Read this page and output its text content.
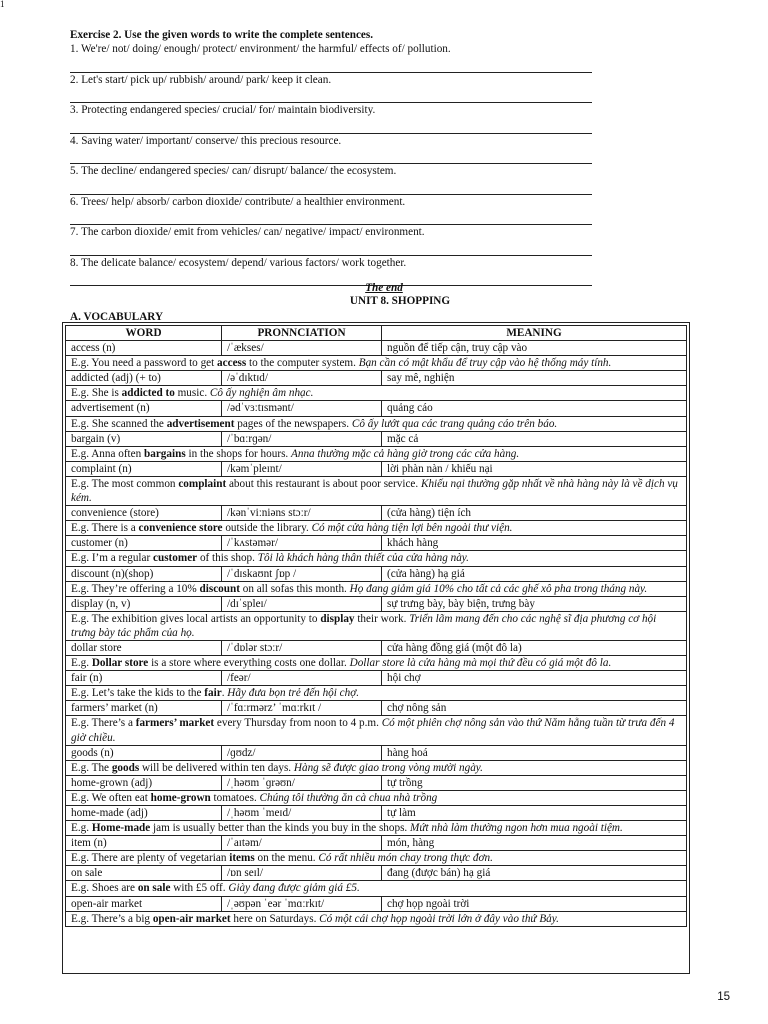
1
Exercise 2. Use the given words to write the complete sentences.
1. We're/ not/ doing/ enough/ protect/ environment/ the harmful/ effects of/ pollution.
2. Let's start/ pick up/ rubbish/ around/ park/ keep it clean.
3. Protecting endangered species/ crucial/ for/ maintain biodiversity.
4. Saving water/ important/ conserve/ this precious resource.
5. The decline/ endangered species/ can/ disrupt/ balance/ the ecosystem.
6. Trees/ help/ absorb/ carbon dioxide/ contribute/ a healthier environment.
7. The carbon dioxide/ emit from vehicles/ can/ negative/ impact/ environment.
8. The delicate balance/ ecosystem/ depend/ various factors/ work together.
The end
UNIT 8. SHOPPING
A. VOCABULARY
WORD	PRONNCIATION	MEANING
access (n)	/ˈækses/	nguồn để tiếp cận, truy cập vào
E.g. You need a password to get access to the computer system. Bạn cần có mật khẩu để truy cập vào hệ thống máy tính.		
addicted (adj) (+ to)	/əˈdɪktɪd/	say mê, nghiện
E.g. She is addicted to music. Cô ấy nghiện âm nhạc.		
advertisement (n)	/ədˈvɜːtɪsmənt/	quảng cáo
E.g. She scanned the advertisement pages of the newspapers. Cô ấy lướt qua các trang quảng cáo trên báo.		
bargain (v)	/ˈbɑːrɡən/	mặc cả
E.g. Anna often bargains in the shops for hours. Anna thường mặc cả hàng giờ trong các cửa hàng.		
complaint (n)	/kəmˈpleɪnt/	lời phàn nàn / khiếu nại
E.g. The most common complaint about this restaurant is about poor service. Khiếu nại thường gặp nhất về nhà hàng này là về dịch vụ kém.		
convenience (store)	/kənˈviːniəns stɔːr/	(cửa hàng) tiện ích
E.g. There is a convenience store outside the library. Có một cửa hàng tiện lợi bên ngoài thư viện.		
customer (n)	/ˈkʌstəmər/	khách hàng
E.g. I’m a regular customer of this shop. Tôi là khách hàng thân thiết của cửa hàng này.		
discount (n)(shop)	/ˈdɪskaʊnt ʃɒp /	(cửa hàng) hạ giá
E.g. They’re offering a 10% discount on all sofas this month. Họ đang giảm giá 10% cho tất cả các ghế xô pha trong tháng này.		
display (n, v)	/dɪˈspleɪ/	sự trưng bày, bày biện, trưng bày
E.g. The exhibition gives local artists an opportunity to display their work. Triển lãm mang đến cho các nghệ sĩ địa phương cơ hội trưng bày tác phẩm của họ.		
dollar store	/ˈdɒlər stɔːr/	cửa hàng đồng giá (một đô la)
E.g. Dollar store is a store where everything costs one dollar. Dollar store là cửa hàng mà mọi thứ đều có giá một đô la.		
fair (n)	/feər/	hội chợ
E.g. Let’s take the kids to the fair. Hãy đưa bọn trẻ đến hội chợ.		
farmers’ market (n)	/ˈfɑːrmərz’ ˈmɑːrkɪt /	chợ nông sản
E.g. There’s a farmers’ market every Thursday from noon to 4 p.m. Có một phiên chợ nông sản vào thứ Năm hằng tuần từ trưa đến 4 giờ chiều.		
goods (n)	/ɡʊdz/	hàng hoá
E.g. The goods will be delivered within ten days. Hàng sẽ được giao trong vòng mười ngày.		
home-grown (adj)	/ˌhəʊm ˈɡrəʊn/	tự trồng
E.g. We often eat home-grown tomatoes. Chúng tôi thường ăn cà chua nhà trồng		
home-made (adj)	/ˌhəʊm ˈmeɪd/	tự làm
E.g. Home-made jam is usually better than the kinds you buy in the shops. Mứt nhà làm thường ngon hơn mua ngoài tiệm.		
item (n)	/ˈaɪtəm/	món, hàng
E.g. There are plenty of vegetarian items on the menu. Có rất nhiều món chay trong thực đơn.		
on sale	/ɒn seɪl/	đang (được bán) hạ giá
E.g. Shoes are on sale with £5 off. Giày đang được giảm giá £5.		
open-air market	/ˌəʊpən ˈeər ˈmɑːrkɪt/	chợ họp ngoài trời
E.g. There’s a big open-air market here on Saturdays. Có một cái chợ họp ngoài trời lớn ở đây vào thứ Bảy.		
15
